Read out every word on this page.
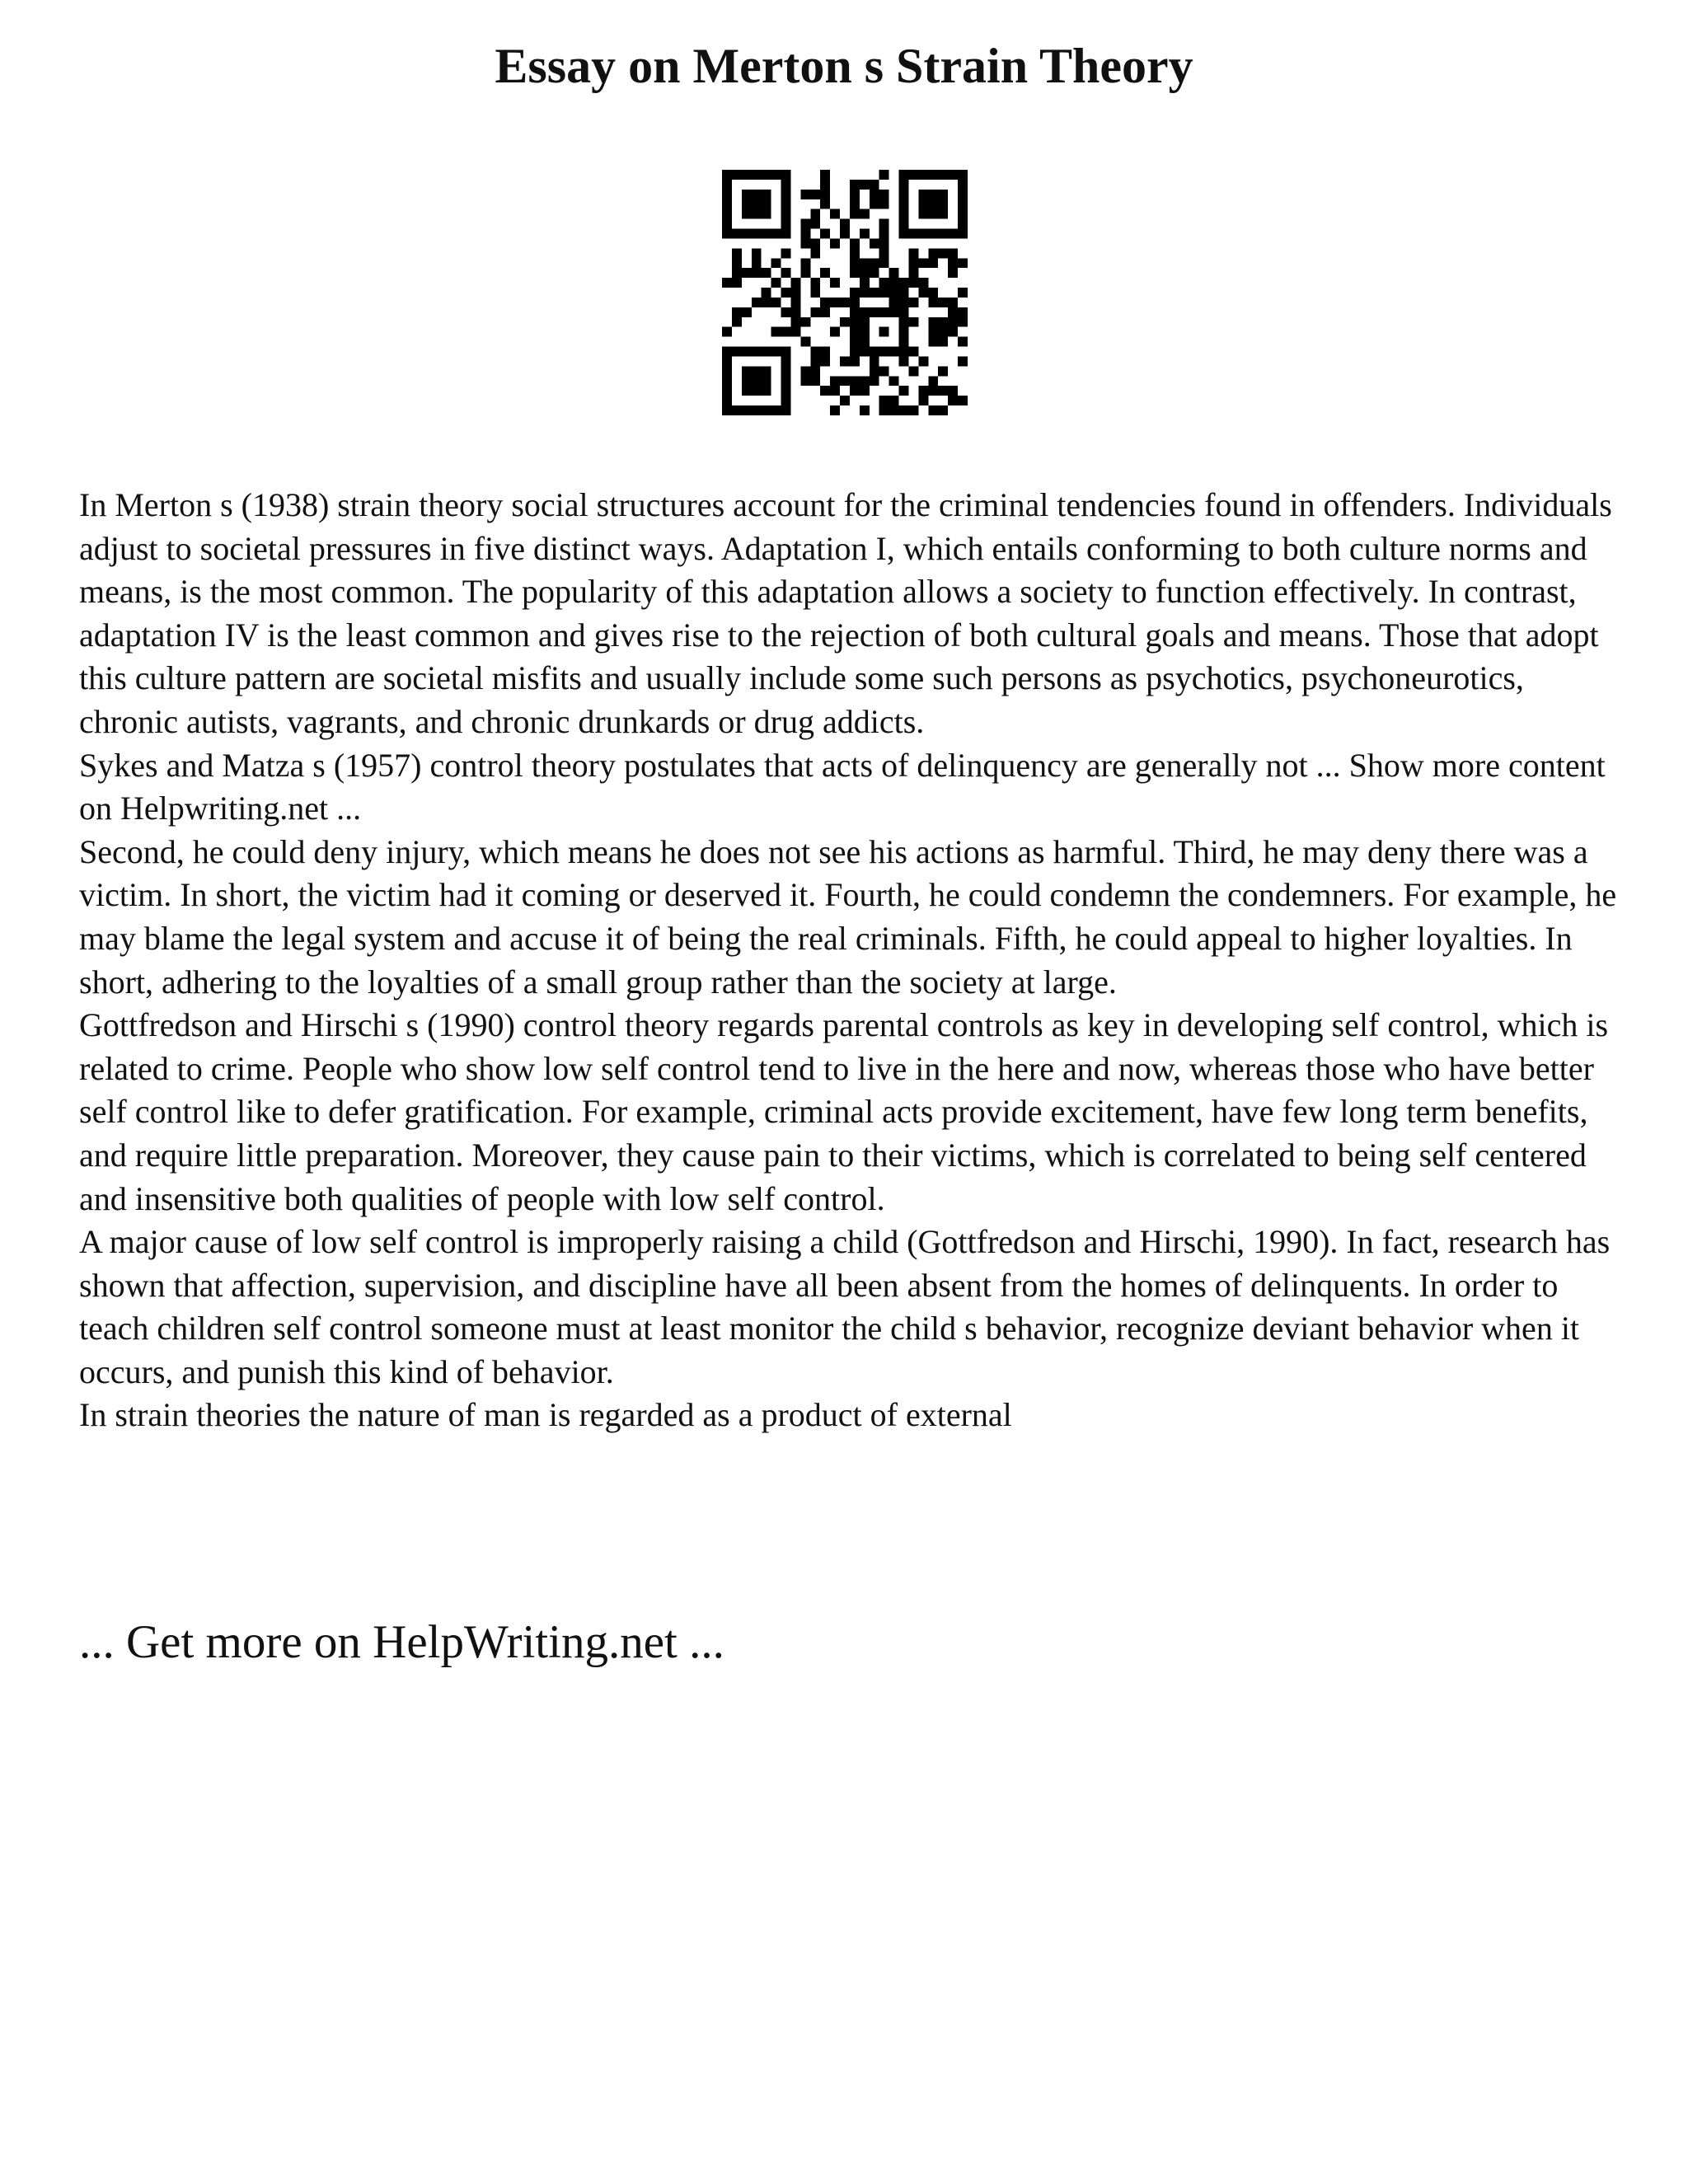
Essay on Merton s Strain Theory

In Merton s (1938) strain theory social structures account for the criminal tendencies found in offenders. Individuals adjust to societal pressures in five distinct ways. Adaptation I, which entails conforming to both culture norms and means, is the most common. The popularity of this adaptation allows a society to function effectively. In contrast, adaptation IV is the least common and gives rise to the rejection of both cultural goals and means. Those that adopt this culture pattern are societal misfits and usually include some such persons as psychotics, psychoneurotics, chronic autists, vagrants, and chronic drunkards or drug addicts.

Sykes and Matza s (1957) control theory postulates that acts of delinquency are generally not ... Show more content on Helpwriting.net ...

Second, he could deny injury, which means he does not see his actions as harmful. Third, he may deny there was a victim. In short, the victim had it coming or deserved it. Fourth, he could condemn the condemners. For example, he may blame the legal system and accuse it of being the real criminals. Fifth, he could appeal to higher loyalties. In short, adhering to the loyalties of a small group rather than the society at large.

Gottfredson and Hirschi s (1990) control theory regards parental controls as key in developing self control, which is related to crime. People who show low self control tend to live in the here and now, whereas those who have better self control like to defer gratification. For example, criminal acts provide excitement, have few long term benefits, and require little preparation. Moreover, they cause pain to their victims, which is correlated to being self centered and insensitive both qualities of people with low self control.

A major cause of low self control is improperly raising a child (Gottfredson and Hirschi, 1990). In fact, research has shown that affection, supervision, and discipline have all been absent from the homes of delinquents. In order to teach children self control someone must at least monitor the child s behavior, recognize deviant behavior when it occurs, and punish this kind of behavior.

In strain theories the nature of man is regarded as a product of external

... Get more on HelpWriting.net ...
